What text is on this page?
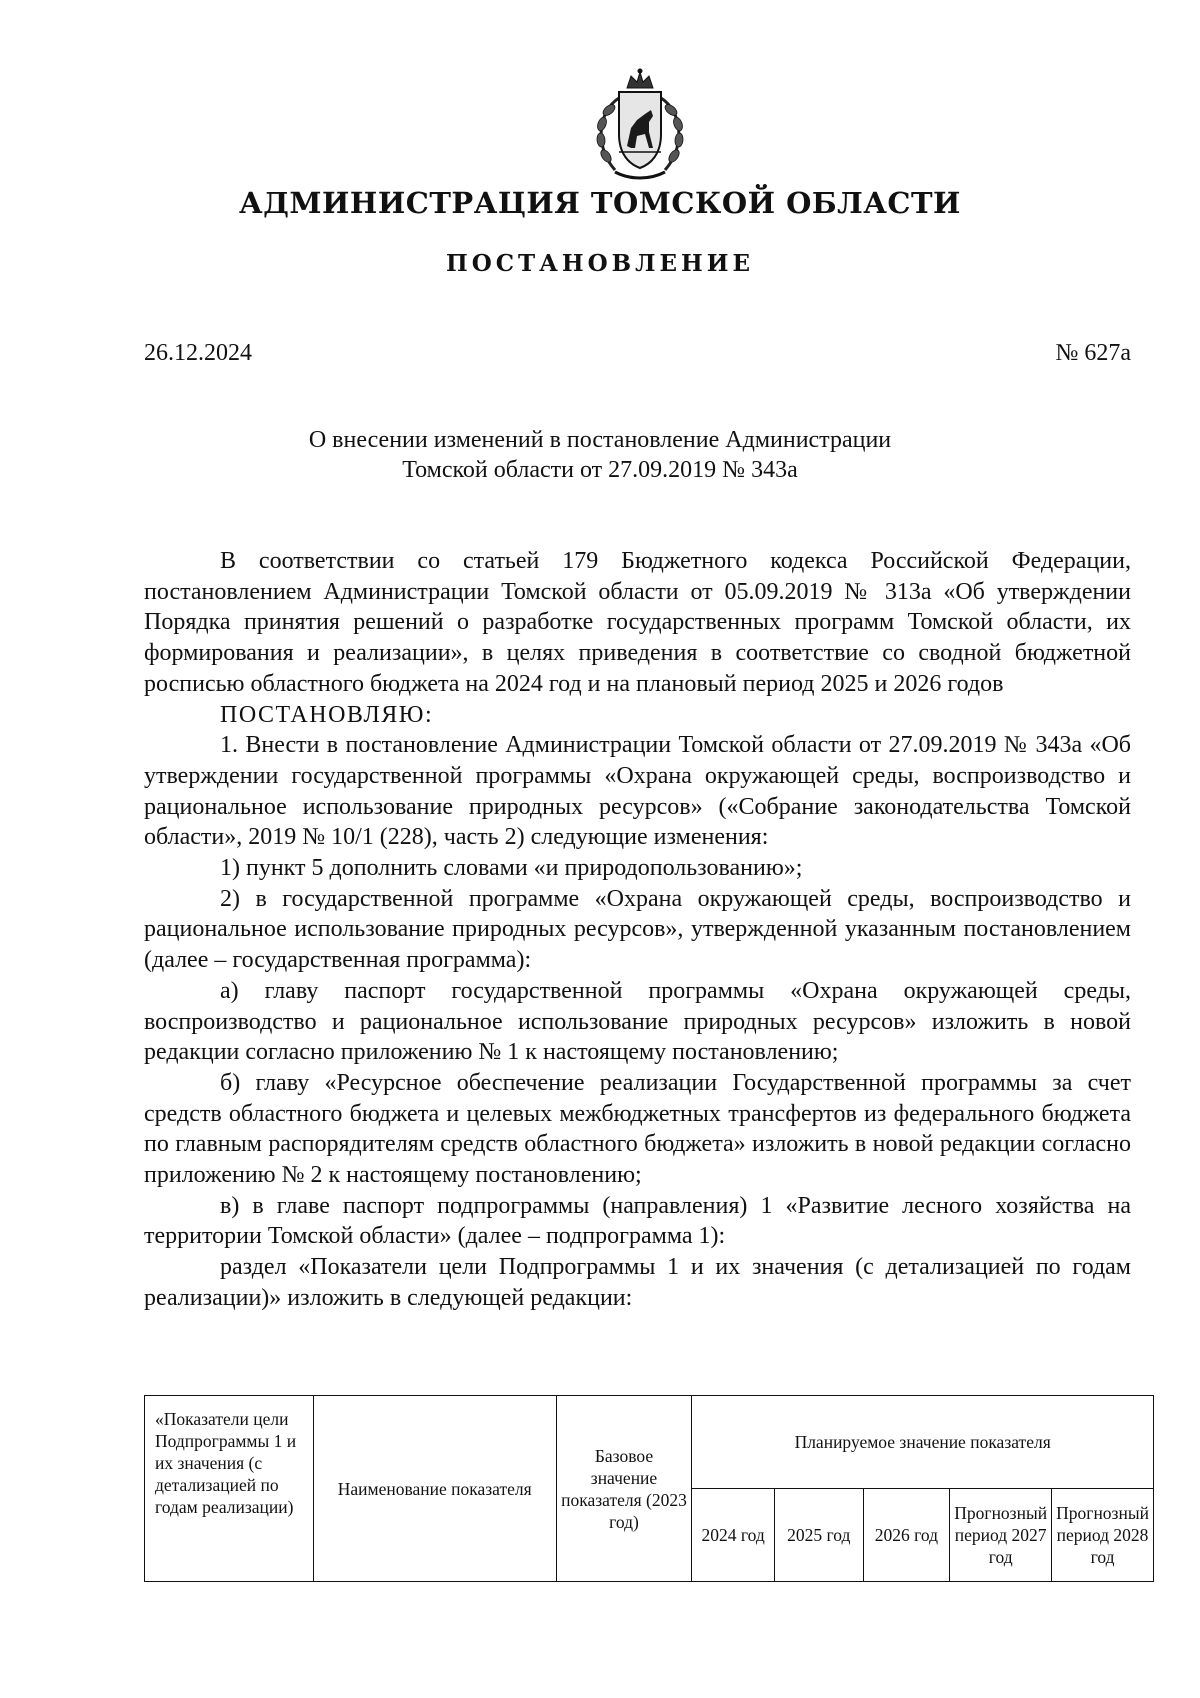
АДМИНИСТРАЦИЯ ТОМСКОЙ ОБЛАСТИ
ПОСТАНОВЛЕНИЕ
26.12.2024	№ 627а
О внесении изменений в постановление Администрации
Томской области от 27.09.2019 № 343а

В соответствии со статьей 179 Бюджетного кодекса Российской Федерации, постановлением Администрации Томской области от 05.09.2019 № 313а «Об утверждении Порядка принятия решений о разработке государственных программ Томской области, их формирования и реализации», в целях приведения в соответствие со сводной бюджетной росписью областного бюджета на 2024 год и на плановый период 2025 и 2026 годов

ПОСТАНОВЛЯЮ:

1. Внести в постановление Администрации Томской области от 27.09.2019 № 343а «Об утверждении государственной программы «Охрана окружающей среды, воспроизводство и рациональное использование природных ресурсов» («Собрание законодательства Томской области», 2019 № 10/1 (228), часть 2) следующие изменения:

1) пункт 5 дополнить словами «и природопользованию»;

2) в государственной программе «Охрана окружающей среды, воспроизводство и рациональное использование природных ресурсов», утвержденной указанным постановлением (далее – государственная программа):

а) главу паспорт государственной программы «Охрана окружающей среды, воспроизводство и рациональное использование природных ресурсов» изложить в новой редакции согласно приложению № 1 к настоящему постановлению;

б) главу «Ресурсное обеспечение реализации Государственной программы за счет средств областного бюджета и целевых межбюджетных трансфертов из федерального бюджета по главным распорядителям средств областного бюджета» изложить в новой редакции согласно приложению № 2 к настоящему постановлению;

в) в главе паспорт подпрограммы (направления) 1 «Развитие лесного хозяйства на территории Томской области» (далее – подпрограмма 1):

раздел «Показатели цели Подпрограммы 1 и их значения (с детализацией по годам реализации)» изложить в следующей редакции:

«Показатели цели Подпрограммы 1 и их значения (с детализацией по годам реализации)	Наименование показателя	Базовое значение показателя (2023 год)	Планируемое значение показателя				
			2024 год	2025 год	2026 год	Прогнозный период 2027 год	Прогнозный период 2028 год
